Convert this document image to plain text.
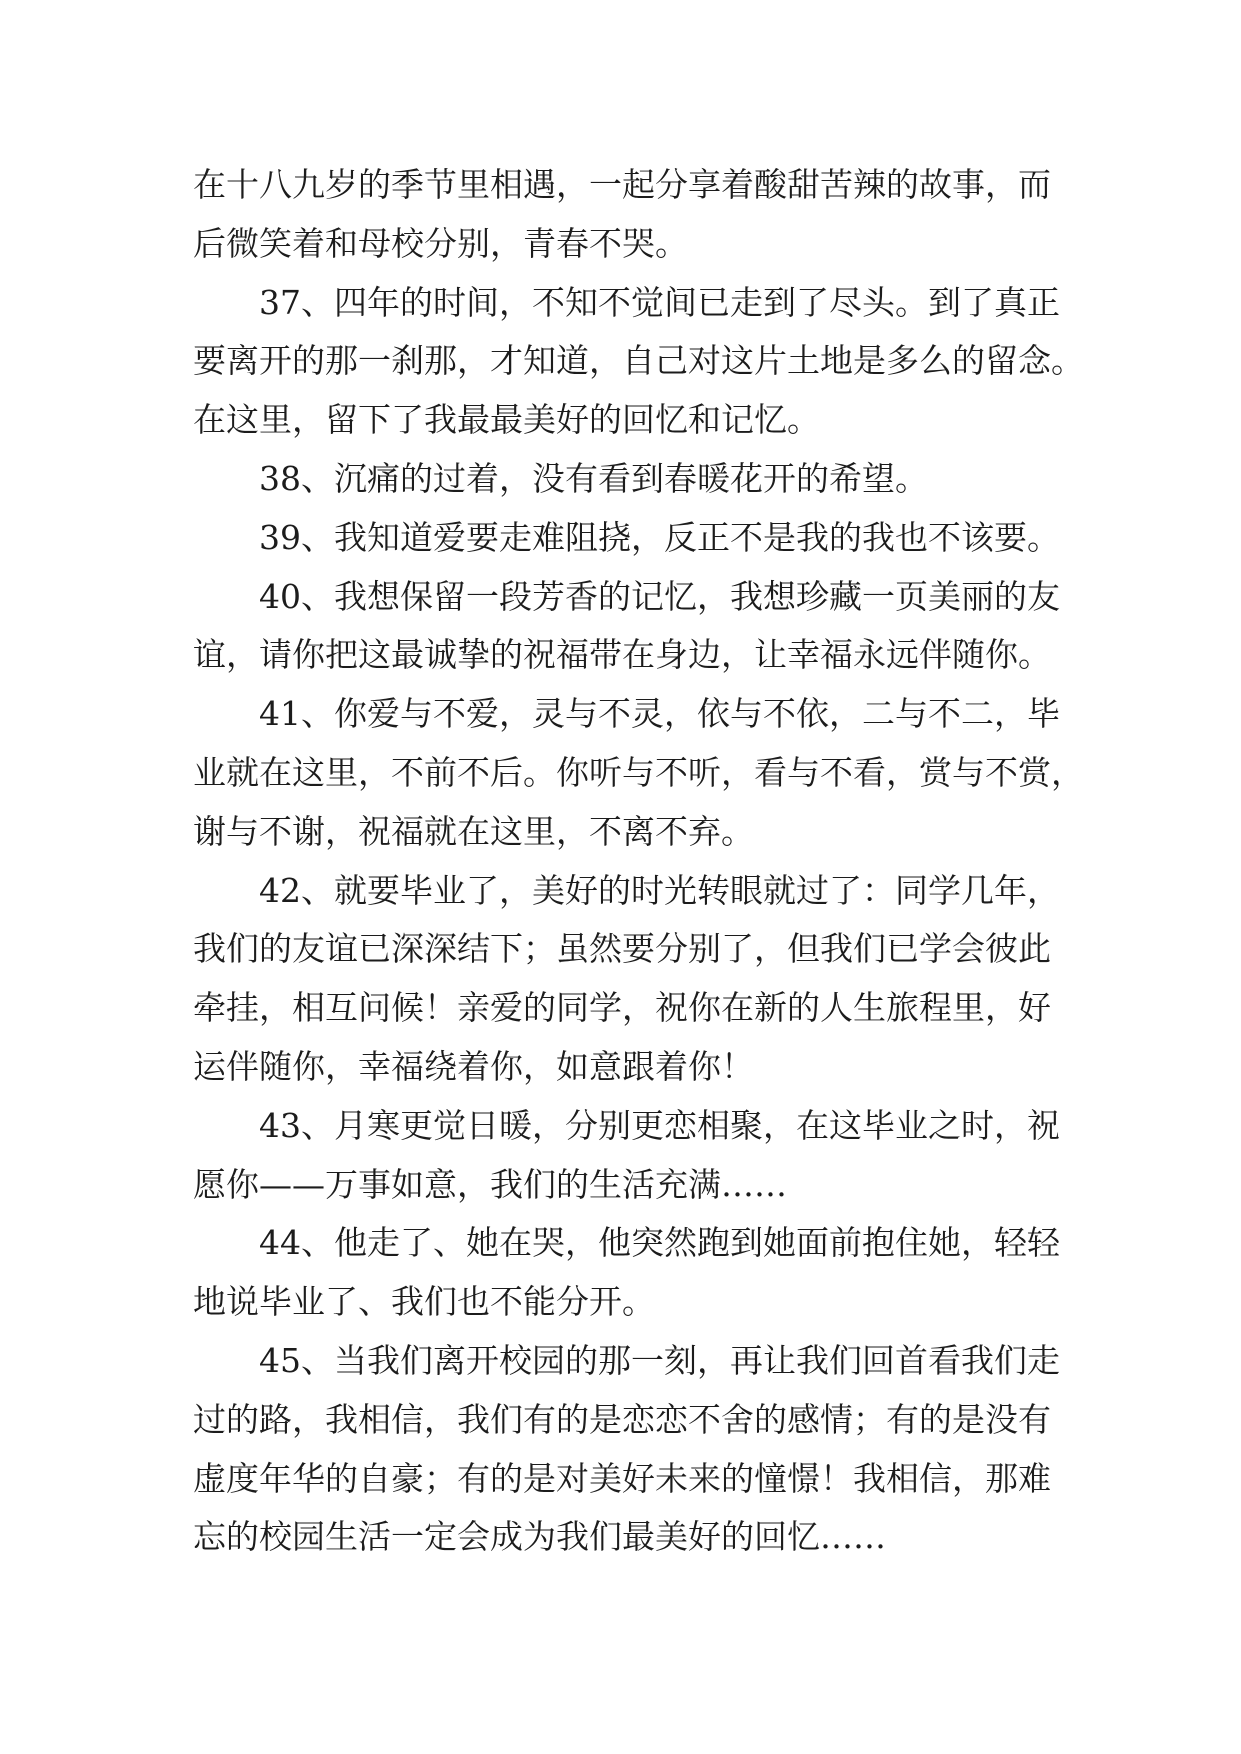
在十八九岁的季节里相遇，一起分享着酸甜苦辣的故事，而
后微笑着和母校分别，青春不哭。
37、四年的时间，不知不觉间已走到了尽头。到了真正
要离开的那一刹那，才知道，自己对这片土地是多么的留念。
在这里，留下了我最最美好的回忆和记忆。
38、沉痛的过着，没有看到春暖花开的希望。
39、我知道爱要走难阻挠，反正不是我的我也不该要。
40、我想保留一段芳香的记忆，我想珍藏一页美丽的友
谊，请你把这最诚挚的祝福带在身边，让幸福永远伴随你。
41、你爱与不爱，灵与不灵，依与不依，二与不二，毕
业就在这里，不前不后。你听与不听，看与不看，赏与不赏，
谢与不谢，祝福就在这里，不离不弃。
42、就要毕业了，美好的时光转眼就过了：同学几年，
我们的友谊已深深结下；虽然要分别了，但我们已学会彼此
牵挂，相互问候！亲爱的同学，祝你在新的人生旅程里，好
运伴随你，幸福绕着你，如意跟着你！
43、月寒更觉日暖，分别更恋相聚，在这毕业之时，祝
愿你——万事如意，我们的生活充满……
44、他走了、她在哭，他突然跑到她面前抱住她，轻轻
地说毕业了、我们也不能分开。
45、当我们离开校园的那一刻，再让我们回首看我们走
过的路，我相信，我们有的是恋恋不舍的感情；有的是没有
虚度年华的自豪；有的是对美好未来的憧憬！我相信，那难
忘的校园生活一定会成为我们最美好的回忆……
